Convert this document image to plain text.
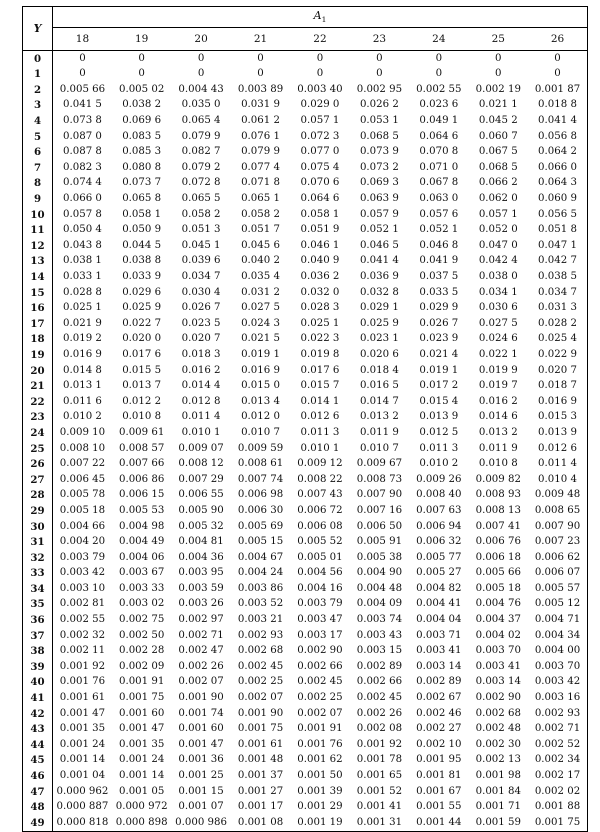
Y	$A_1$
	18	19	20	21	22	23	24	25	26
0	0	0	0	0	0	0	0	0	0
1	0	0	0	0	0	0	0	0	0
2	0.005 66	0.005 02	0.004 43	0.003 89	0.003 40	0.002 95	0.002 55	0.002 19	0.001 87
3	0.041 5	0.038 2	0.035 0	0.031 9	0.029 0	0.026 2	0.023 6	0.021 1	0.018 8
4	0.073 8	0.069 6	0.065 4	0.061 2	0.057 1	0.053 1	0.049 1	0.045 2	0.041 4
5	0.087 0	0.083 5	0.079 9	0.076 1	0.072 3	0.068 5	0.064 6	0.060 7	0.056 8
6	0.087 8	0.085 3	0.082 7	0.079 9	0.077 0	0.073 9	0.070 8	0.067 5	0.064 2
7	0.082 3	0.080 8	0.079 2	0.077 4	0.075 4	0.073 2	0.071 0	0.068 5	0.066 0
8	0.074 4	0.073 7	0.072 8	0.071 8	0.070 6	0.069 3	0.067 8	0.066 2	0.064 3
9	0.066 0	0.065 8	0.065 5	0.065 1	0.064 6	0.063 9	0.063 0	0.062 0	0.060 9
10	0.057 8	0.058 1	0.058 2	0.058 2	0.058 1	0.057 9	0.057 6	0.057 1	0.056 5
11	0.050 4	0.050 9	0.051 3	0.051 7	0.051 9	0.052 1	0.052 1	0.052 0	0.051 8
12	0.043 8	0.044 5	0.045 1	0.045 6	0.046 1	0.046 5	0.046 8	0.047 0	0.047 1
13	0.038 1	0.038 8	0.039 6	0.040 2	0.040 9	0.041 4	0.041 9	0.042 4	0.042 7
14	0.033 1	0.033 9	0.034 7	0.035 4	0.036 2	0.036 9	0.037 5	0.038 0	0.038 5
15	0.028 8	0.029 6	0.030 4	0.031 2	0.032 0	0.032 8	0.033 5	0.034 1	0.034 7
16	0.025 1	0.025 9	0.026 7	0.027 5	0.028 3	0.029 1	0.029 9	0.030 6	0.031 3
17	0.021 9	0.022 7	0.023 5	0.024 3	0.025 1	0.025 9	0.026 7	0.027 5	0.028 2
18	0.019 2	0.020 0	0.020 7	0.021 5	0.022 3	0.023 1	0.023 9	0.024 6	0.025 4
19	0.016 9	0.017 6	0.018 3	0.019 1	0.019 8	0.020 6	0.021 4	0.022 1	0.022 9
20	0.014 8	0.015 5	0.016 2	0.016 9	0.017 6	0.018 4	0.019 1	0.019 9	0.020 7
21	0.013 1	0.013 7	0.014 4	0.015 0	0.015 7	0.016 5	0.017 2	0.019 7	0.018 7
22	0.011 6	0.012 2	0.012 8	0.013 4	0.014 1	0.014 7	0.015 4	0.016 2	0.016 9
23	0.010 2	0.010 8	0.011 4	0.012 0	0.012 6	0.013 2	0.013 9	0.014 6	0.015 3
24	0.009 10	0.009 61	0.010 1	0.010 7	0.011 3	0.011 9	0.012 5	0.013 2	0.013 9
25	0.008 10	0.008 57	0.009 07	0.009 59	0.010 1	0.010 7	0.011 3	0.011 9	0.012 6
26	0.007 22	0.007 66	0.008 12	0.008 61	0.009 12	0.009 67	0.010 2	0.010 8	0.011 4
27	0.006 45	0.006 86	0.007 29	0.007 74	0.008 22	0.008 73	0.009 26	0.009 82	0.010 4
28	0.005 78	0.006 15	0.006 55	0.006 98	0.007 43	0.007 90	0.008 40	0.008 93	0.009 48
29	0.005 18	0.005 53	0.005 90	0.006 30	0.006 72	0.007 16	0.007 63	0.008 13	0.008 65
30	0.004 66	0.004 98	0.005 32	0.005 69	0.006 08	0.006 50	0.006 94	0.007 41	0.007 90
31	0.004 20	0.004 49	0.004 81	0.005 15	0.005 52	0.005 91	0.006 32	0.006 76	0.007 23
32	0.003 79	0.004 06	0.004 36	0.004 67	0.005 01	0.005 38	0.005 77	0.006 18	0.006 62
33	0.003 42	0.003 67	0.003 95	0.004 24	0.004 56	0.004 90	0.005 27	0.005 66	0.006 07
34	0.003 10	0.003 33	0.003 59	0.003 86	0.004 16	0.004 48	0.004 82	0.005 18	0.005 57
35	0.002 81	0.003 02	0.003 26	0.003 52	0.003 79	0.004 09	0.004 41	0.004 76	0.005 12
36	0.002 55	0.002 75	0.002 97	0.003 21	0.003 47	0.003 74	0.004 04	0.004 37	0.004 71
37	0.002 32	0.002 50	0.002 71	0.002 93	0.003 17	0.003 43	0.003 71	0.004 02	0.004 34
38	0.002 11	0.002 28	0.002 47	0.002 68	0.002 90	0.003 15	0.003 41	0.003 70	0.004 00
39	0.001 92	0.002 09	0.002 26	0.002 45	0.002 66	0.002 89	0.003 14	0.003 41	0.003 70
40	0.001 76	0.001 91	0.002 07	0.002 25	0.002 45	0.002 66	0.002 89	0.003 14	0.003 42
41	0.001 61	0.001 75	0.001 90	0.002 07	0.002 25	0.002 45	0.002 67	0.002 90	0.003 16
42	0.001 47	0.001 60	0.001 74	0.001 90	0.002 07	0.002 26	0.002 46	0.002 68	0.002 93
43	0.001 35	0.001 47	0.001 60	0.001 75	0.001 91	0.002 08	0.002 27	0.002 48	0.002 71
44	0.001 24	0.001 35	0.001 47	0.001 61	0.001 76	0.001 92	0.002 10	0.002 30	0.002 52
45	0.001 14	0.001 24	0.001 36	0.001 48	0.001 62	0.001 78	0.001 95	0.002 13	0.002 34
46	0.001 04	0.001 14	0.001 25	0.001 37	0.001 50	0.001 65	0.001 81	0.001 98	0.002 17
47	0.000 962	0.001 05	0.001 15	0.001 27	0.001 39	0.001 52	0.001 67	0.001 84	0.002 02
48	0.000 887	0.000 972	0.001 07	0.001 17	0.001 29	0.001 41	0.001 55	0.001 71	0.001 88
49	0.000 818	0.000 898	0.000 986	0.001 08	0.001 19	0.001 31	0.001 44	0.001 59	0.001 75
